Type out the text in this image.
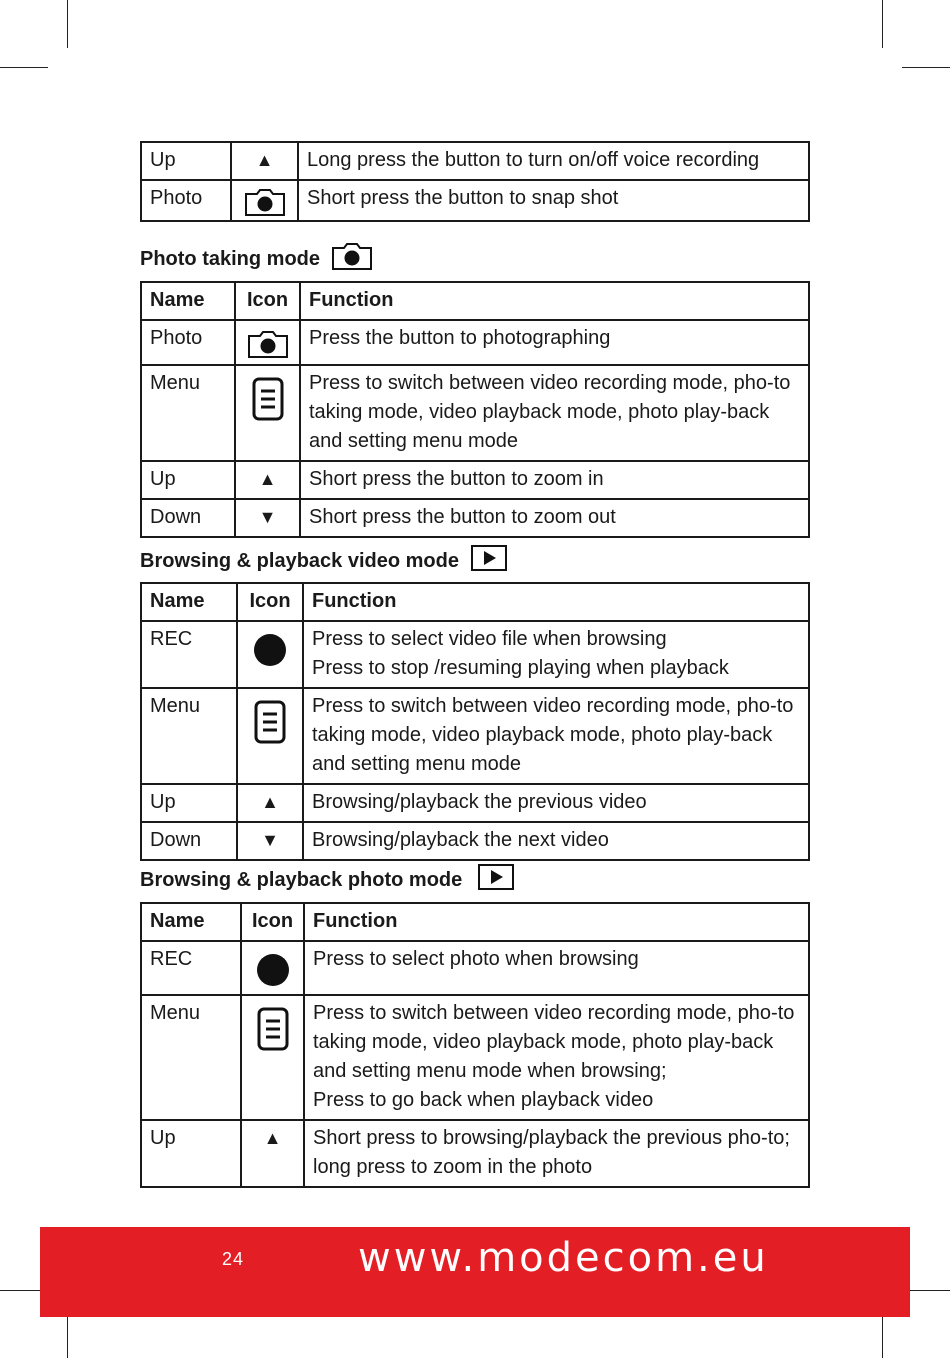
Up	▲	Long press the button to turn on/off voice recording

Photo		Short press the button to snap shot
Photo taking mode
Name	Icon	Function
Photo		Press the button to photographing

Menu		Press to switch between video recording mode, pho-to taking mode, video playback mode, photo play-back and setting menu mode

Up	▲	Short press the button to zoom in

Down	▼	Short press the button to zoom out
Browsing & playback video mode
Name	Icon	Function
REC		Press to select video file when browsing
Press to stop /resuming playing when playback

Menu		Press to switch between video recording mode, pho-to taking mode, video playback mode, photo play-back and setting menu mode

Up	▲	Browsing/playback the previous video

Down	▼	Browsing/playback the next video
Browsing & playback photo mode
Name	Icon	Function
REC		Press to select photo when browsing

Menu		Press to switch between video recording mode, pho-to taking mode, video playback mode, photo play-back and setting menu mode when browsing;
Press to go back when playback video

Up	▲	Short press to browsing/playback the previous pho-to; long press to zoom in the photo
24	www.modecom.eu
